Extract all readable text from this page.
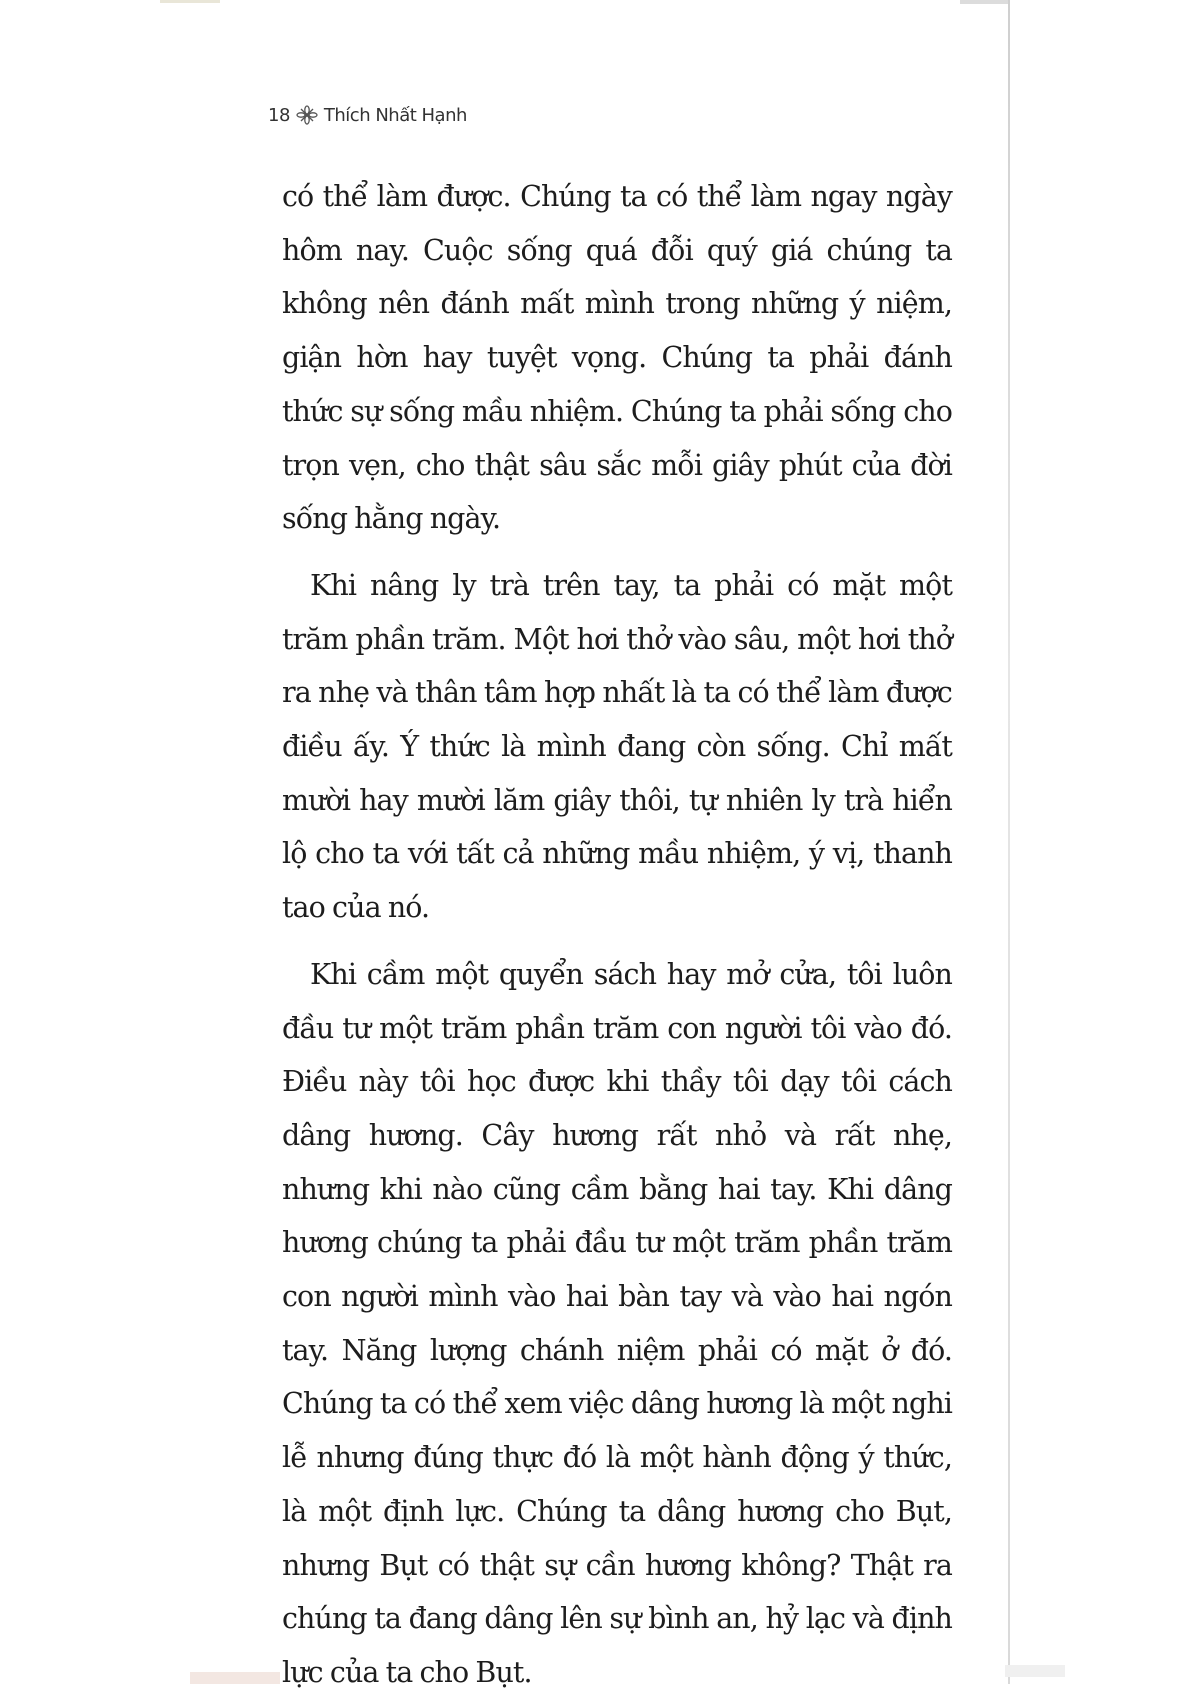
18 Thích Nhất Hạnh

có thể làm được. Chúng ta có thể làm ngay ngày hôm nay. Cuộc sống quá đỗi quý giá chúng ta không nên đánh mất mình trong những ý niệm, giận hờn hay tuyệt vọng. Chúng ta phải đánh thức sự sống mầu nhiệm. Chúng ta phải sống cho trọn vẹn, cho thật sâu sắc mỗi giây phút của đời sống hằng ngày.

Khi nâng ly trà trên tay, ta phải có mặt một trăm phần trăm. Một hơi thở vào sâu, một hơi thở ra nhẹ và thân tâm hợp nhất là ta có thể làm được điều ấy. Ý thức là mình đang còn sống. Chỉ mất mười hay mười lăm giây thôi, tự nhiên ly trà hiển lộ cho ta với tất cả những mầu nhiệm, ý vị, thanh tao của nó.

Khi cầm một quyển sách hay mở cửa, tôi luôn đầu tư một trăm phần trăm con người tôi vào đó. Điều này tôi học được khi thầy tôi dạy tôi cách dâng hương. Cây hương rất nhỏ và rất nhẹ, nhưng khi nào cũng cầm bằng hai tay. Khi dâng hương chúng ta phải đầu tư một trăm phần trăm con người mình vào hai bàn tay và vào hai ngón tay. Năng lượng chánh niệm phải có mặt ở đó. Chúng ta có thể xem việc dâng hương là một nghi lễ nhưng đúng thực đó là một hành động ý thức, là một định lực. Chúng ta dâng hương cho Bụt, nhưng Bụt có thật sự cần hương không? Thật ra chúng ta đang dâng lên sự bình an, hỷ lạc và định lực của ta cho Bụt.
